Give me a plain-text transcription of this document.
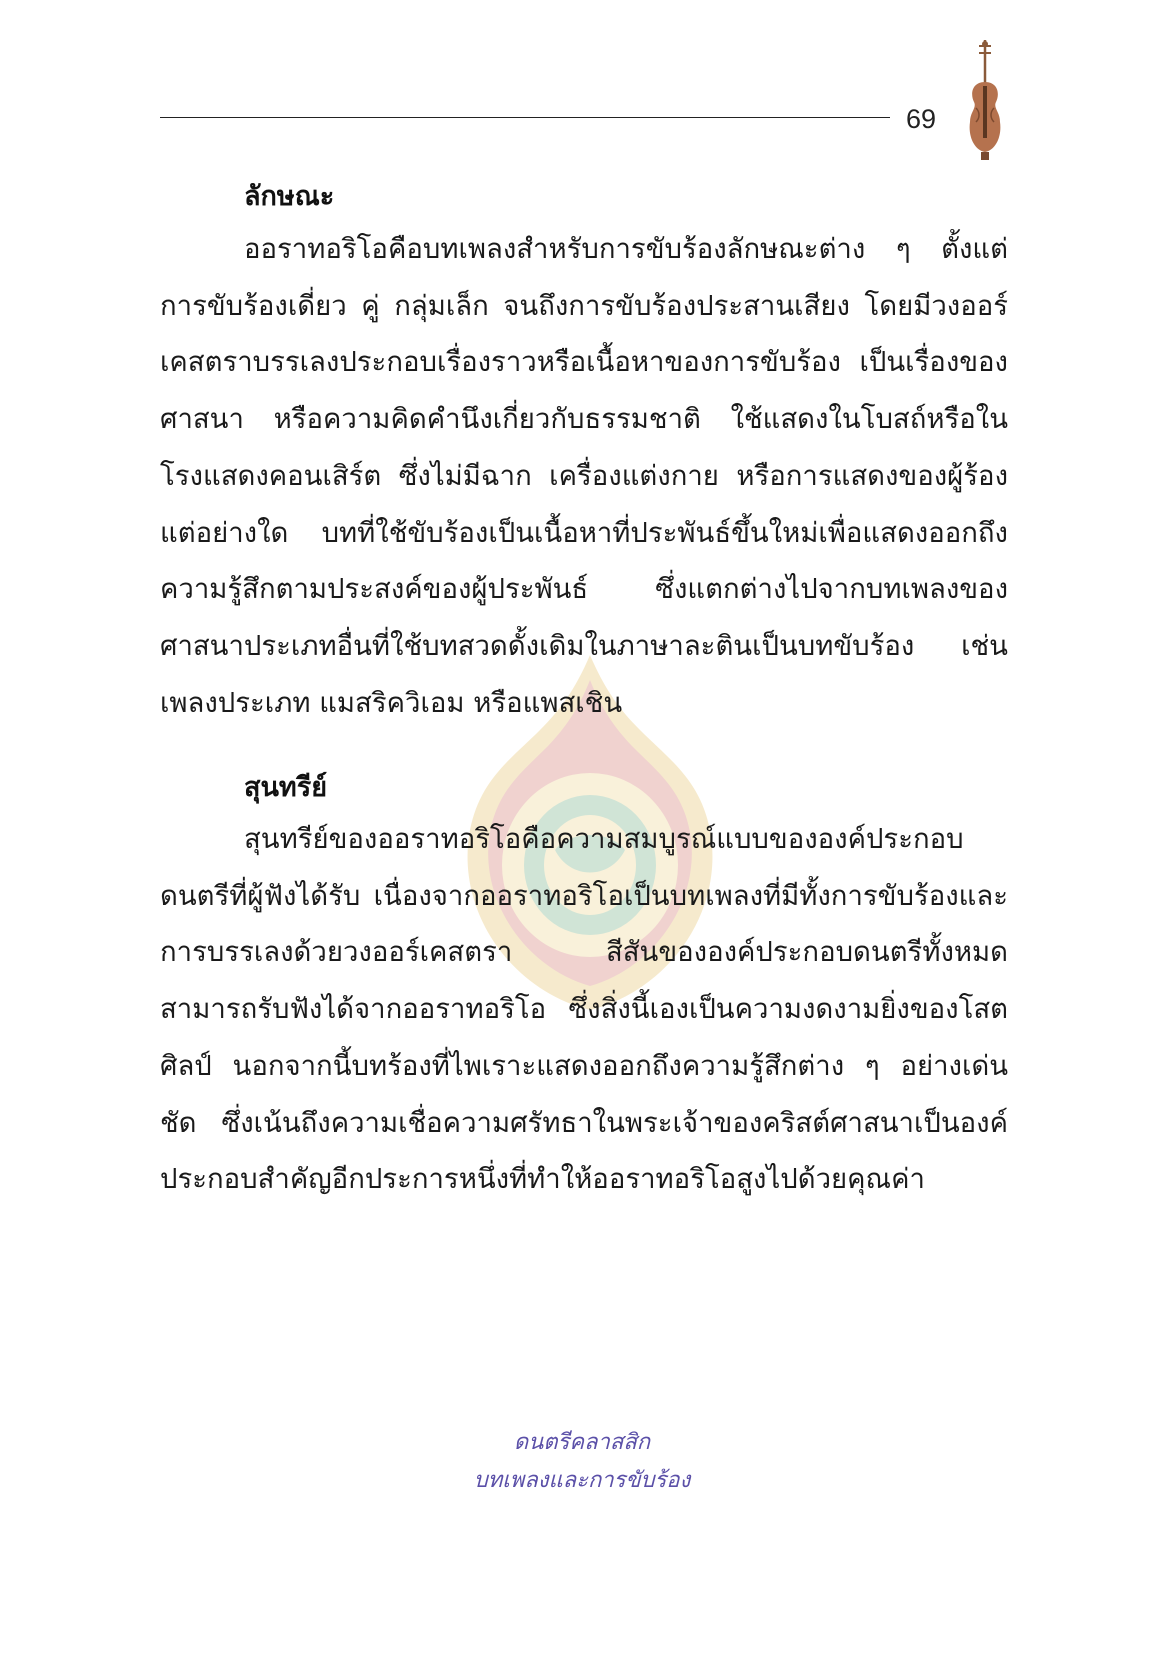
69
ลักษณะ

ออราทอริโอคือบทเพลงสำหรับการขับร้องลักษณะต่าง ๆ ตั้งแต่การขับร้องเดี่ยว คู่ กลุ่มเล็ก จนถึงการขับร้องประสานเสียง โดยมีวงออร์เคสตราบรรเลงประกอบเรื่องราวหรือเนื้อหาของการขับร้อง เป็นเรื่องของศาสนา หรือความคิดคำนึงเกี่ยวกับธรรมชาติ ใช้แสดงในโบสถ์หรือในโรงแสดงคอนเสิร์ต ซึ่งไม่มีฉาก เครื่องแต่งกาย หรือการแสดงของผู้ร้องแต่อย่างใด บทที่ใช้ขับร้องเป็นเนื้อหาที่ประพันธ์ขึ้นใหม่เพื่อแสดงออกถึงความรู้สึกตามประสงค์ของผู้ประพันธ์ ซึ่งแตกต่างไปจากบทเพลงของศาสนาประเภทอื่นที่ใช้บทสวดดั้งเดิมในภาษาละตินเป็นบทขับร้อง เช่น เพลงประเภท แมสริควิเอม หรือแพสเชิน

สุนทรีย์

สุนทรีย์ของออราทอริโอคือความสมบูรณ์แบบขององค์ประกอบดนตรีที่ผู้ฟังได้รับ เนื่องจากออราทอริโอเป็นบทเพลงที่มีทั้งการขับร้องและการบรรเลงด้วยวงออร์เคสตรา สีสันขององค์ประกอบดนตรีทั้งหมดสามารถรับฟังได้จากออราทอริโอ ซึ่งสิ่งนี้เองเป็นความงดงามยิ่งของโสตศิลป์ นอกจากนี้บทร้องที่ไพเราะแสดงออกถึงความรู้สึกต่าง ๆ อย่างเด่นชัด ซึ่งเน้นถึงความเชื่อความศรัทธาในพระเจ้าของคริสต์ศาสนาเป็นองค์ประกอบสำคัญอีกประการหนึ่งที่ทำให้ออราทอริโอสูงไปด้วยคุณค่า

ดนตรีคลาสสิก
บทเพลงและการขับร้อง
